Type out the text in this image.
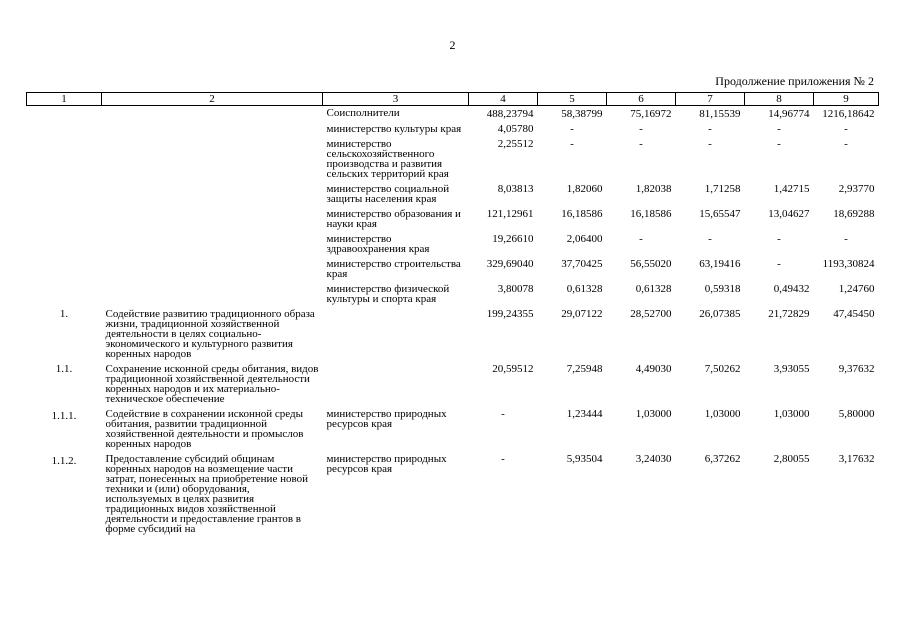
2
Продолжение приложения № 2
1	2	3	4	5	6	7	8	9
		Соисполнители	488,23794	58,38799	75,16972	81,15539	14,96774	1216,18642
		министерство культуры края	4,05780	-	-	-	-	-
		министерство сельскохозяйственного производства и развития сельских территорий края	2,25512	-	-	-	-	-
		министерство социальной защиты населения края	8,03813	1,82060	1,82038	1,71258	1,42715	2,93770
		министерство образования и науки края	121,12961	16,18586	16,18586	15,65547	13,04627	18,69288
		министерство здравоохранения края	19,26610	2,06400	-	-	-	-
		министерство строительства края	329,69040	37,70425	56,55020	63,19416	-	1193,30824
		министерство физической культуры и спорта края	3,80078	0,61328	0,61328	0,59318	0,49432	1,24760
1.	Содействие развитию традиционного образа жизни, традиционной хозяйственной деятельности в целях социально-экономического и культурного развития коренных народов		199,24355	29,07122	28,52700	26,07385	21,72829	47,45450
1.1.	Сохранение исконной среды обитания, видов традиционной хозяйственной деятельности коренных народов и их материально-техническое обеспечение		20,59512	7,25948	4,49030	7,50262	3,93055	9,37632
1.1.1.	Содействие в сохранении исконной среды обитания, развитии традиционной хозяйственной деятельности и промыслов коренных народов	министерство природных ресурсов края	-	1,23444	1,03000	1,03000	1,03000	5,80000
1.1.2.	Предоставление субсидий общинам коренных народов на возмещение части затрат, понесенных на приобретение новой техники и (или) оборудования, используемых в целях развития традиционных видов хозяйственной деятельности и предоставление грантов в форме субсидий на	министерство природных ресурсов края	-	5,93504	3,24030	6,37262	2,80055	3,17632
